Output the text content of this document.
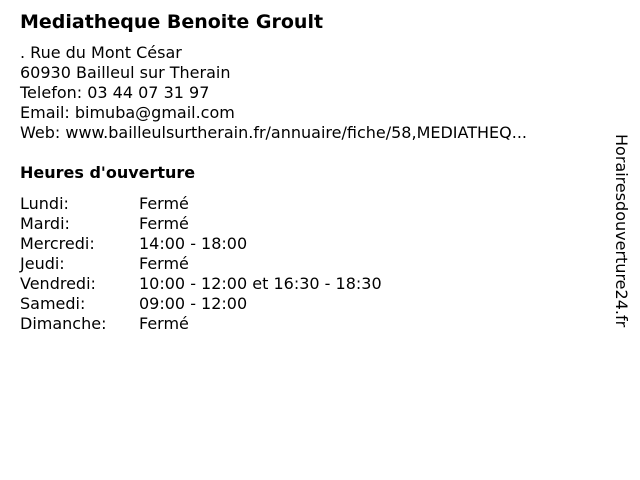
Mediatheque Benoite Groult
. Rue du Mont César
60930 Bailleul sur Therain
Telefon: 03 44 07 31 97
Email: bimuba@gmail.com
Web: www.bailleulsurtherain.fr/annuaire/fiche/58,MEDIATHEQ...
Heures d'ouverture
Lundi:	Fermé
Mardi:	Fermé
Mercredi:	14:00 - 18:00
Jeudi:	Fermé
Vendredi:	10:00 - 12:00 et 16:30 - 18:30
Samedi:	09:00 - 12:00
Dimanche: Fermé	Horairesdouverture24.fr
